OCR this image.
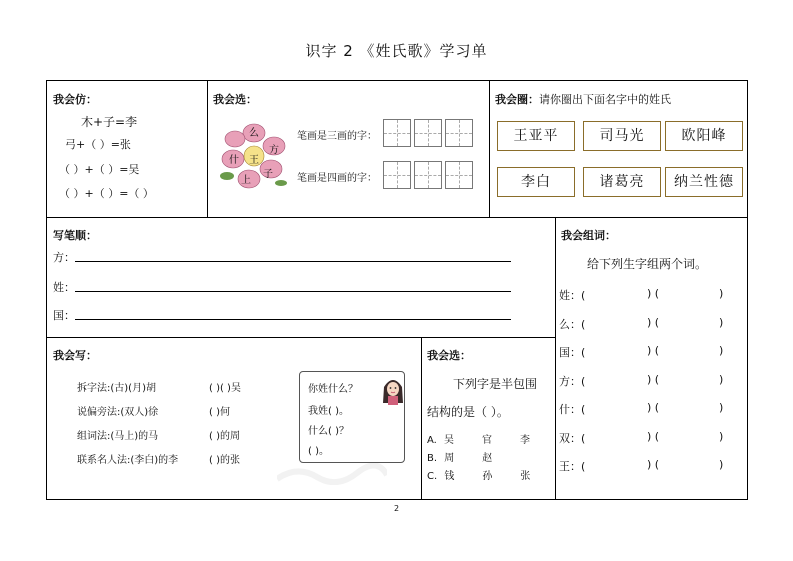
识字 2 《姓氏歌》学习单
我会仿：
木+子=李
弓+（ ）=张
（ ）+（ ）=吴
（ ）+（ ）=（ ）
我会选：
么
什 王
方
上
子
笔画是三画的字：
笔画是四画的字：
我会圈：请你圈出下面名字中的姓氏
王亚平	司马光	欧阳峰
李白	诸葛亮	纳兰性德
写笔顺：
方：
姓：
国：
我会组词：
给下列生字组两个词。
姓：(	) (	)
么：(	) (	)
国：(	) (	)
方：(	) (	)
什：(	) (	)
双：(	) (	)
王：(	) (	)
我会写：
拆字法:(古)(月)胡	( )( )吴
说偏旁法:(双人)徐	( )何
组词法:(马上)的马	( )的周
联系名人法:(李白)的李	( )的张
你姓什么？
我姓( )。
什么( )？
( )。
我会选：
下列字是半包围
结构的是（ ）。
A. 吴	官	李
B. 周	赵
C. 钱	孙	张
2
